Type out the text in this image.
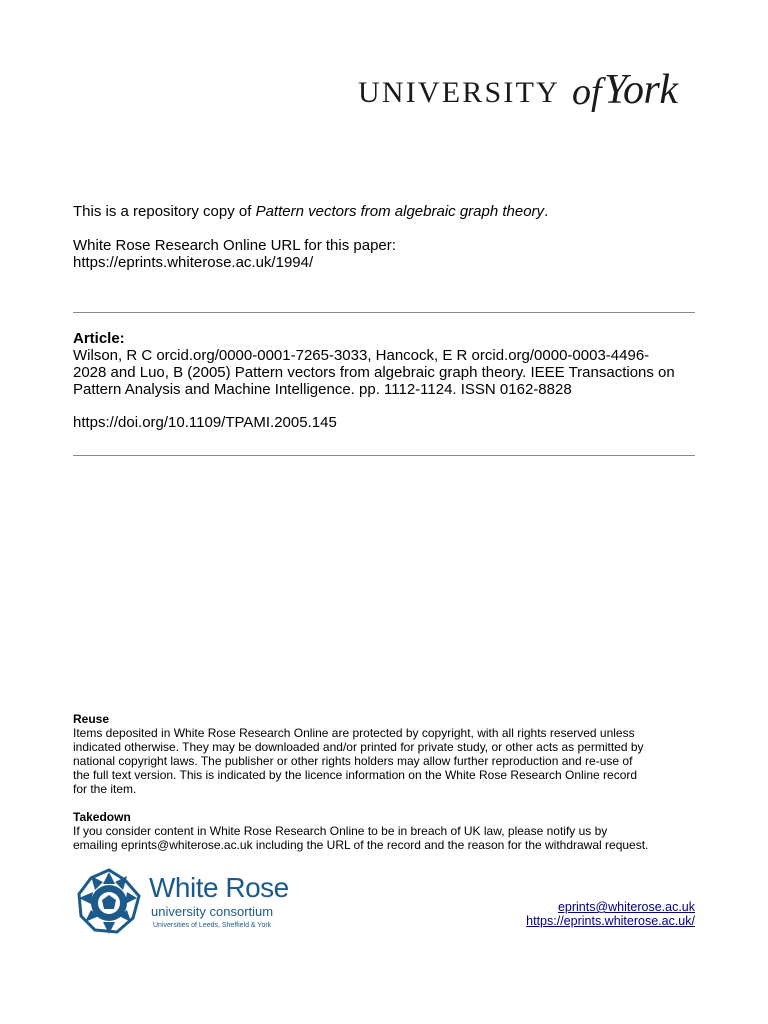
UNIVERSITY of York
This is a repository copy of Pattern vectors from algebraic graph theory.
White Rose Research Online URL for this paper:
https://eprints.whiterose.ac.uk/1994/
Article:
Wilson, R C orcid.org/0000-0001-7265-3033, Hancock, E R orcid.org/0000-0003-4496-
2028 and Luo, B (2005) Pattern vectors from algebraic graph theory. IEEE Transactions on
Pattern Analysis and Machine Intelligence. pp. 1112-1124. ISSN 0162-8828
https://doi.org/10.1109/TPAMI.2005.145
Reuse
Items deposited in White Rose Research Online are protected by copyright, with all rights reserved unless
indicated otherwise. They may be downloaded and/or printed for private study, or other acts as permitted by
national copyright laws. The publisher or other rights holders may allow further reproduction and re-use of
the full text version. This is indicated by the licence information on the White Rose Research Online record
for the item.
Takedown
If you consider content in White Rose Research Online to be in breach of UK law, please notify us by
emailing eprints@whiterose.ac.uk including the URL of the record and the reason for the withdrawal request.
White Rose
university consortium
Universities of Leeds, Sheffield & York
eprints@whiterose.ac.uk
https://eprints.whiterose.ac.uk/
